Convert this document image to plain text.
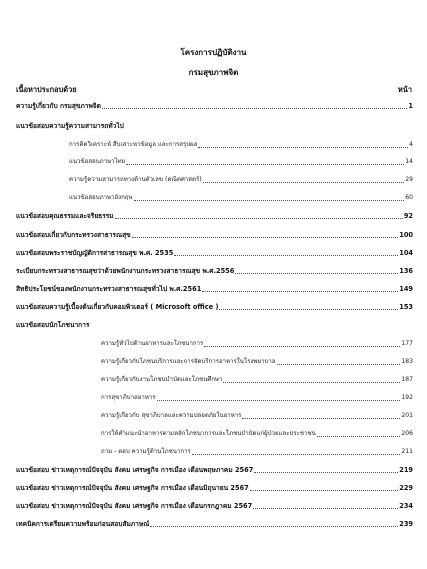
โครงการปฏิบัติงาน
กรมสุขภาพจิต
เนื้อหาประกอบด้วย	หน้า
ความรู้เกี่ยวกับ กรมสุขภาพจิต	1
แนวข้อสอบความรู้ความสามารถทั่วไป
การคิดวิเคราะห์ สืบเสาะหาข้อมูล และการสรุปผล	4
แนวข้อสอบภาษาไทย	14
ความรู้ความสามารถทางด้านตัวเลข (คณิตศาสตร์)	29
แนวข้อสอบภาษาอังกฤษ	60
แนวข้อสอบคุณธรรมและจริยธรรม	92
แนวข้อสอบเกี่ยวกับกระทรวงสาธารณสุข	100
แนวข้อสอบพระราชบัญญัติการสาธารณสุข พ.ศ. 2535	104
ระเบียบกระทรวงสาธารณสุขว่าด้วยพนักงานกระทรวงสาธารณสุข พ.ศ.2556	136
สิทธิประโยชน์ของพนักงานกระทรวงสาธารณสุขทั่วไป พ.ศ.2561	149
แนวข้อสอบความรู้เบื้องต้นเกี่ยวกับคอมพิวเตอร์ ( Microsoft office )	153
แนวข้อสอบนักโภชนาการ
ความรู้ทั่วไปด้านอาหารและโภชนาการ	177
ความรู้เกี่ยวกับโภชนบริการและการจัดบริการอาหารในโรงพยาบาล	183
ความรู้เกี่ยวกับงานโภชนบำบัดและโภชนศึกษา	187
การสุขาภิบาลอาหาร	192
ความรู้เกี่ยวกับ สุขาภิบาลและความปลอดภัยในอาหาร	201
การให้คำแนะนำอาหารตามหลักโภชนาการและโภชนบำบัดแก่ผู้ป่วยและประชาชน	206
ถาม - ตอบ ความรู้ด้านโภชนาการ	211
แนวข้อสอบ ข่าวเหตุการณ์ปัจจุบัน สังคม เศรษฐกิจ การเมือง เดือนพฤษภาคม 2567	219
แนวข้อสอบ ข่าวเหตุการณ์ปัจจุบัน สังคม เศรษฐกิจ การเมือง เดือนมิถุนายน 2567	229
แนวข้อสอบ ข่าวเหตุการณ์ปัจจุบัน สังคม เศรษฐกิจ การเมือง เดือนกรกฎาคม 2567	234
เทคนิคการเตรียมความพร้อมก่อนสอบสัมภาษณ์	239
